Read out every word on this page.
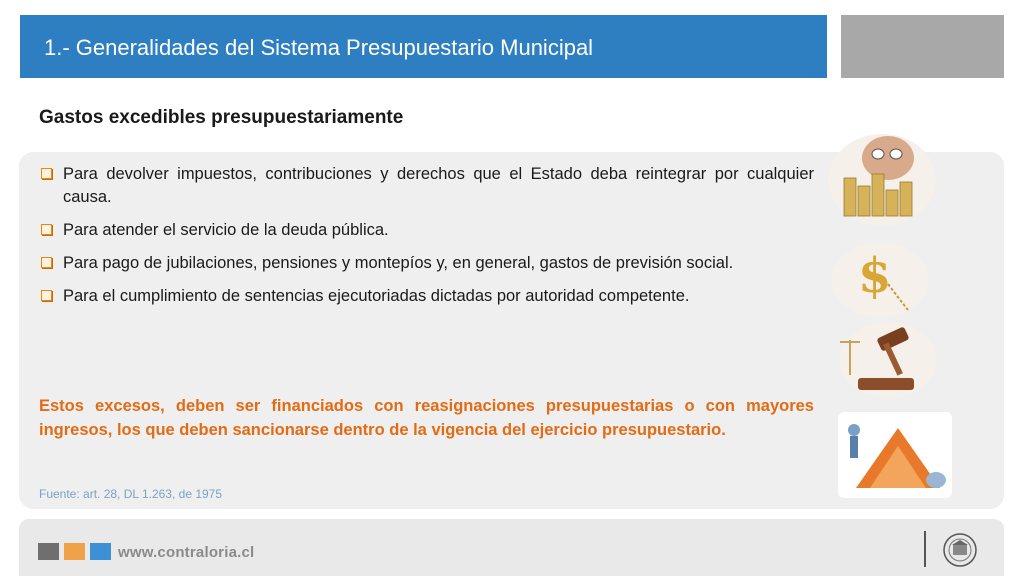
1.- Generalidades del Sistema Presupuestario Municipal
Gastos excedibles presupuestariamente
Para devolver impuestos, contribuciones y derechos que el Estado deba reintegrar por cualquier causa.
Para atender el servicio de la deuda pública.
Para pago de jubilaciones, pensiones y montepíos y, en general, gastos de previsión social.
Para el cumplimiento de sentencias ejecutoriadas dictadas por autoridad competente.
Estos excesos, deben ser financiados con reasignaciones presupuestarias o con mayores ingresos, los que deben sancionarse dentro de la vigencia del ejercicio presupuestario.
Fuente: art. 28, DL 1.263, de 1975
$
www.contraloria.cl
